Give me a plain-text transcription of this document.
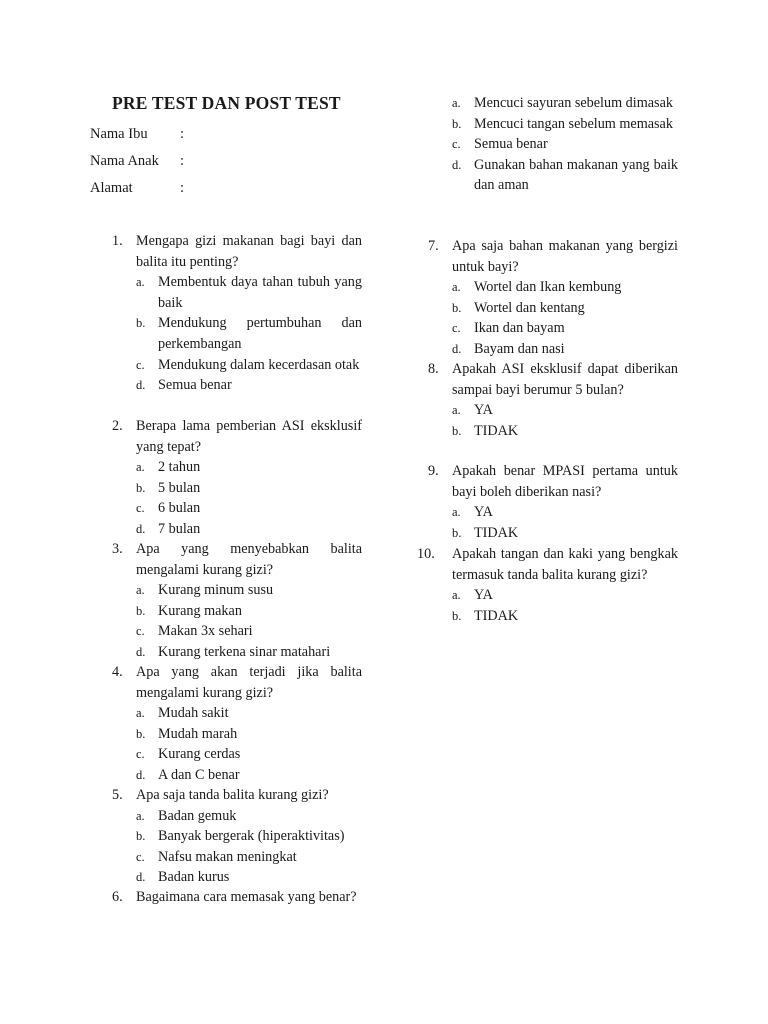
PRE TEST DAN POST TEST
Nama Ibu :
Nama Anak :
Alamat	:
1. Mengapa gizi makanan bagi bayi dan balita itu penting?
a. Membentuk daya tahan tubuh yang baik
b. Mendukung pertumbuhan dan perkembangan
c. Mendukung dalam kecerdasan otak
d. Semua benar
2. Berapa lama pemberian ASI eksklusif yang tepat?
a. 2 tahun
b. 5 bulan
c. 6 bulan
d. 7 bulan
3. Apa yang menyebabkan balita mengalami kurang gizi?
a. Kurang minum susu
b. Kurang makan
c. Makan 3x sehari
d. Kurang terkena sinar matahari
4. Apa yang akan terjadi jika balita mengalami kurang gizi?
a. Mudah sakit
b. Mudah marah
c. Kurang cerdas
d. A dan C benar
5. Apa saja tanda balita kurang gizi?
a. Badan gemuk
b. Banyak bergerak (hiperaktivitas)
c. Nafsu makan meningkat
d. Badan kurus
6. Bagaimana cara memasak yang benar?
a. Mencuci sayuran sebelum dimasak
b. Mencuci tangan sebelum memasak
c. Semua benar
d. Gunakan bahan makanan yang baik dan aman
7. Apa saja bahan makanan yang bergizi untuk bayi?
a. Wortel dan Ikan kembung
b. Wortel dan kentang
c. Ikan dan bayam
d. Bayam dan nasi
8. Apakah ASI eksklusif dapat diberikan sampai bayi berumur 5 bulan?
a. YA
b. TIDAK
9. Apakah benar MPASI pertama untuk bayi boleh diberikan nasi?
a. YA
b. TIDAK
10. Apakah tangan dan kaki yang bengkak termasuk tanda balita kurang gizi?
a. YA
b. TIDAK
